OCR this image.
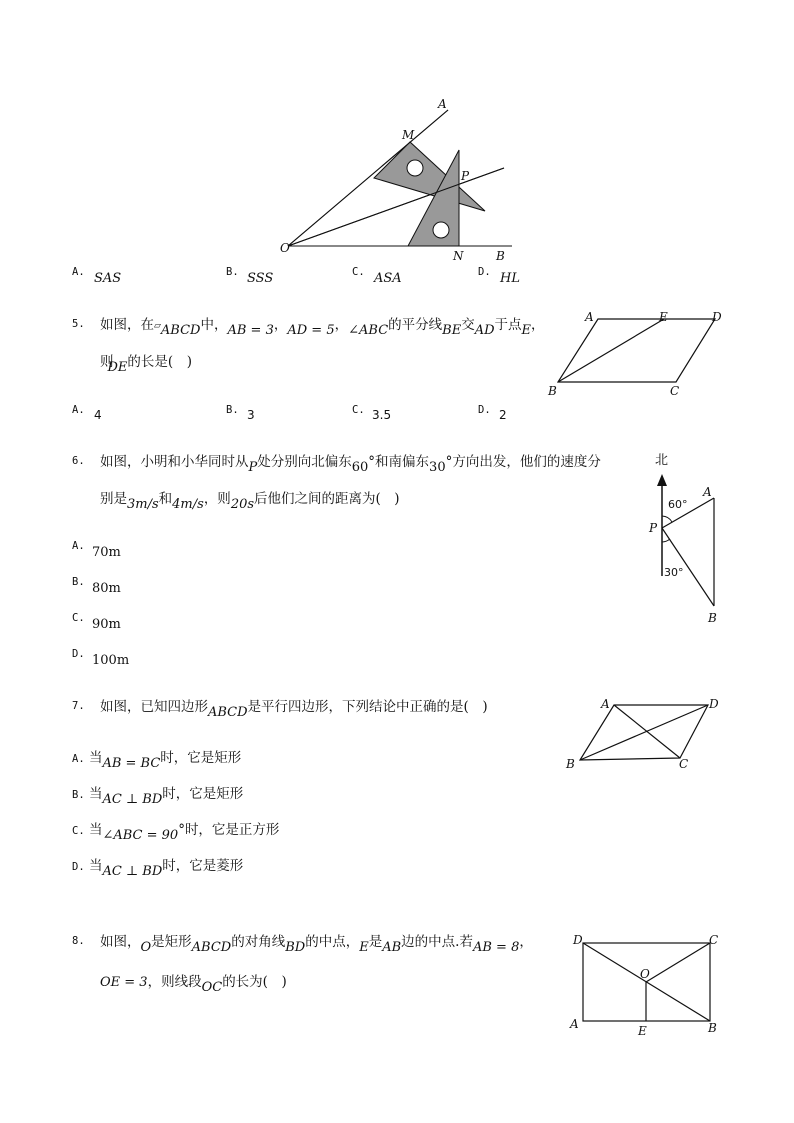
A
M
P
O
N	B
A. SAS	B. SSS	C. ASA	D. HL
5. 如图，在▱ABCD中，AB = 3，AD = 5，∠ABC的平分线BE交AD于点E，
则DE的长是(　)
A	E	D
B	C
A. 4	B. 3	C. 3.5	D. 2
6. 如图，小明和小华同时从P处分别向北偏东60°和南偏东30°方向出发，他们的速度分
别是3m/s和4m/s，则20s后他们之间的距离为(　)
北
60°
30°
A
P
B
A. 70m
B. 80m
C. 90m
D. 100m
7. 如图，已知四边形ABCD是平行四边形，下列结论中正确的是(　)	A	D
B	C
A. 当AB = BC时，它是矩形
B. 当AC ⊥ BD时，它是矩形
C. 当∠ABC = 90°时，它是正方形
D. 当AC ⊥ BD时，它是菱形
8. 如图，O是矩形ABCD的对角线BD的中点，E是AB边的中点.若AB = 8，
OE = 3，则线段OC的长为(　)
D	C
O
A	E	B
